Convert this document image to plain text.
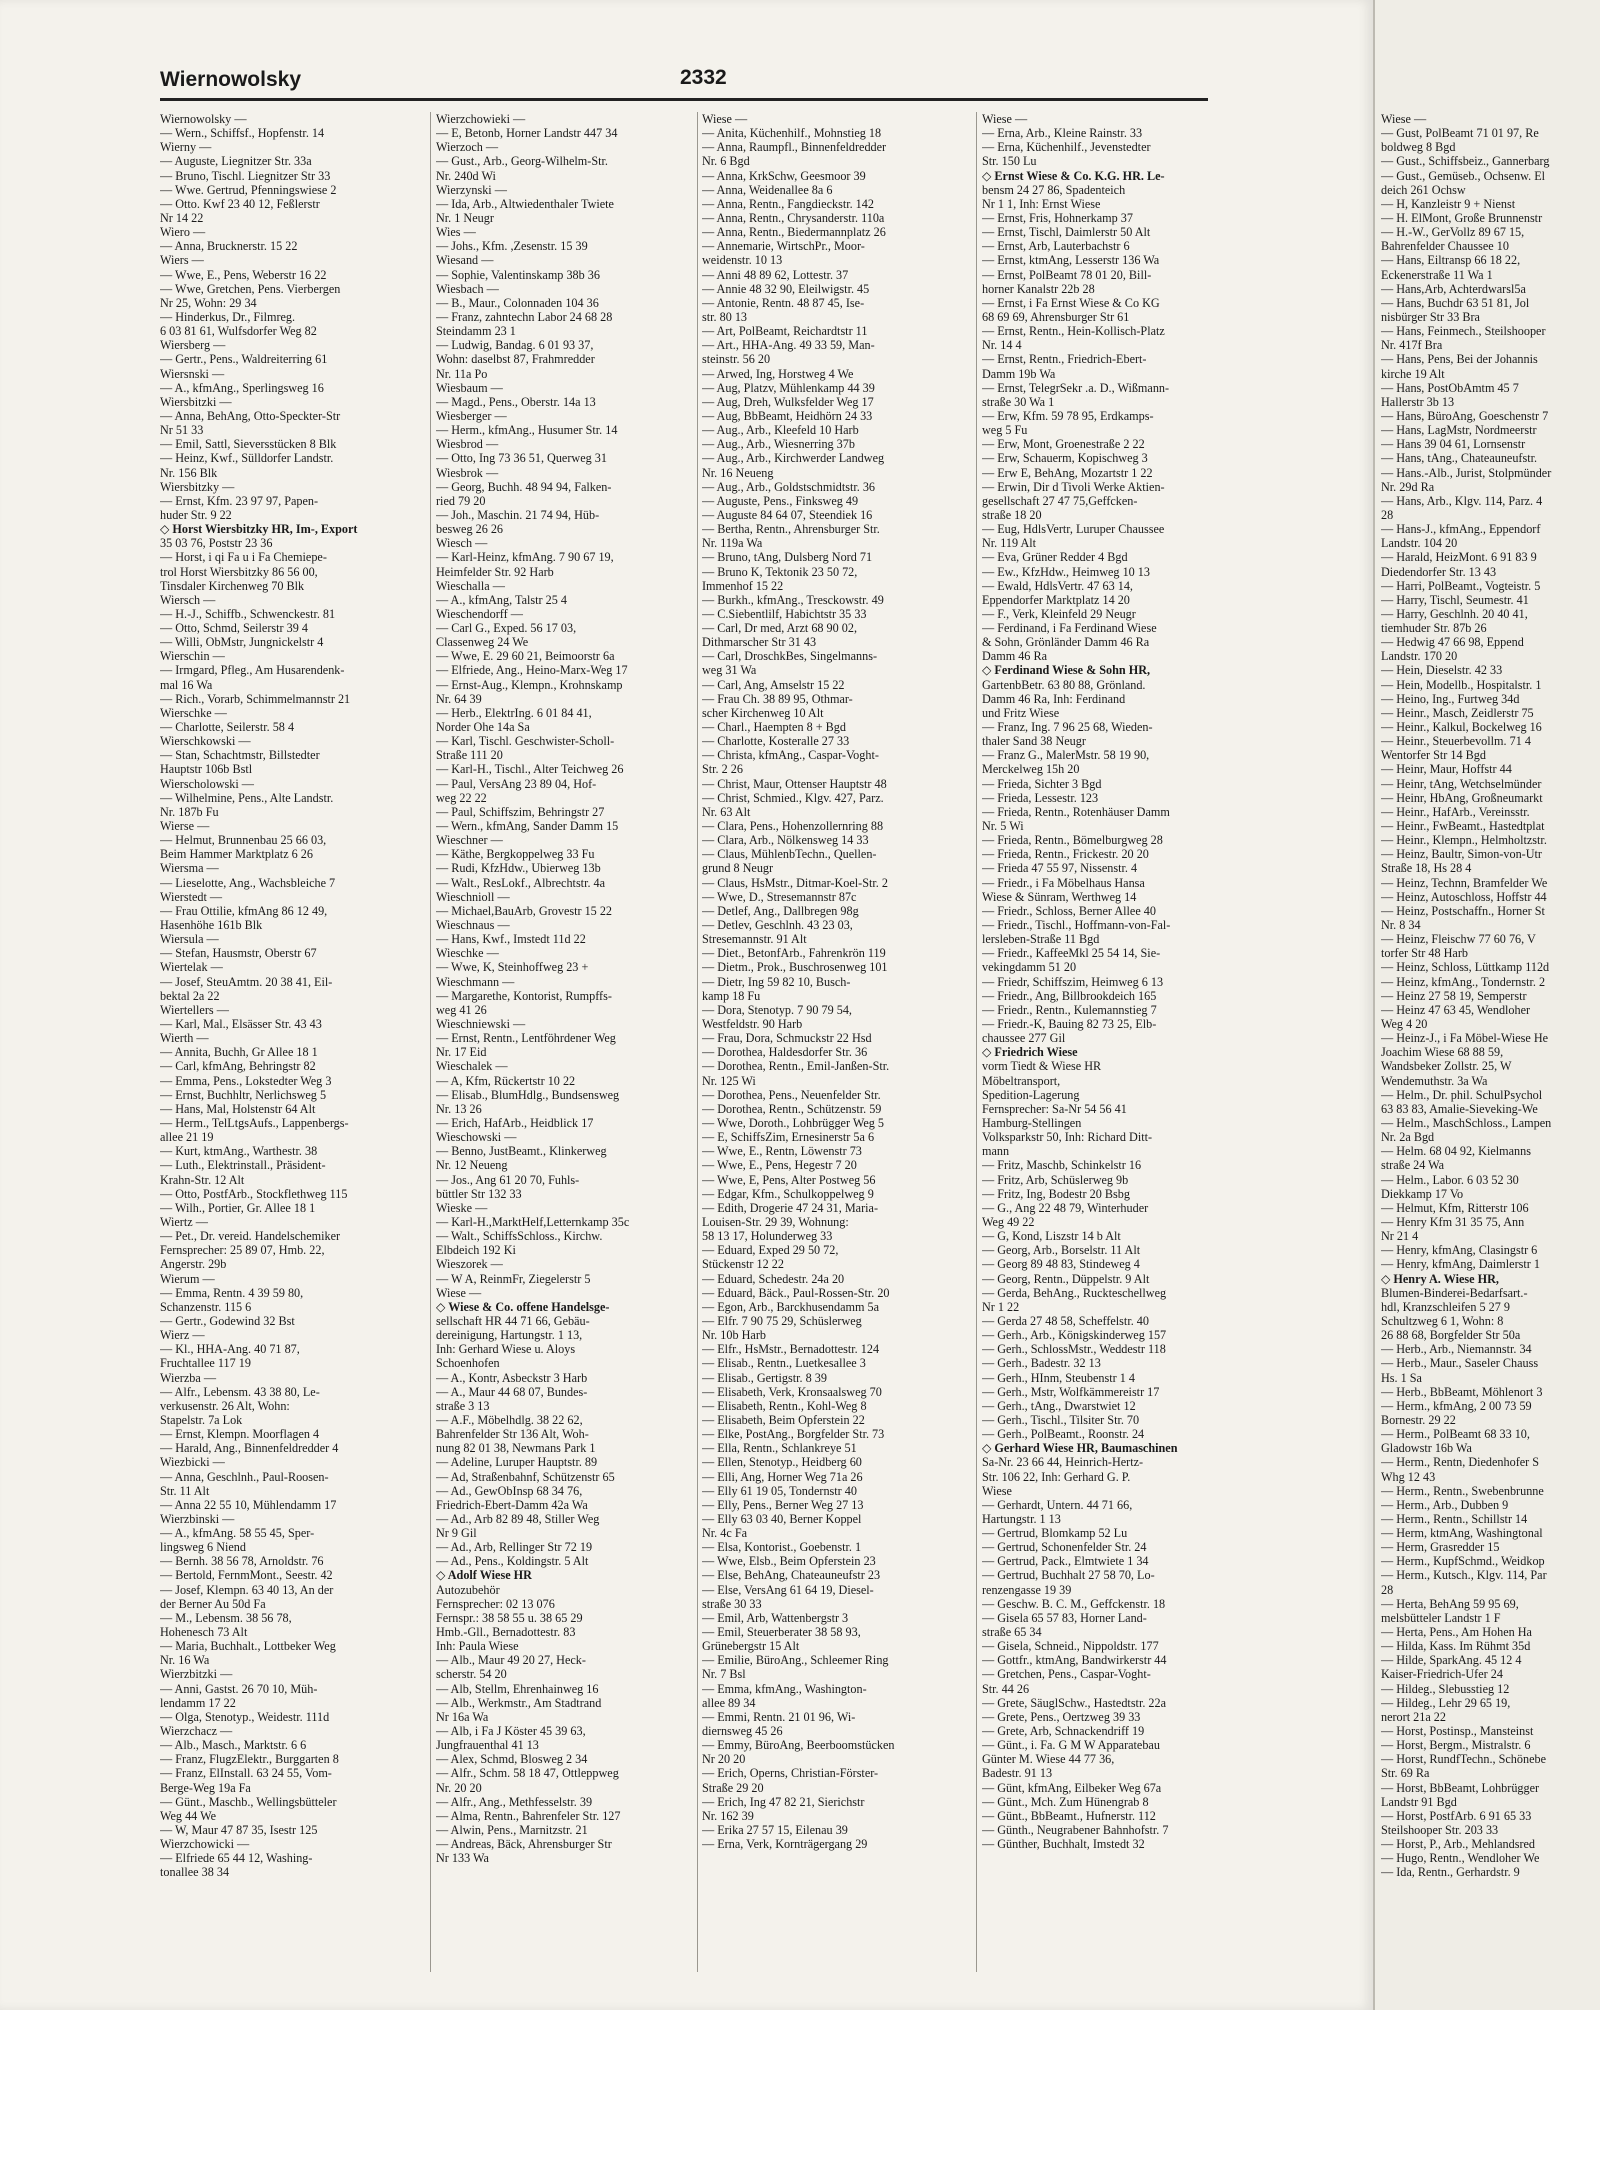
Wiernowolsky	2332
Wiernowolsky —
— Wern., Schiffsf., Hopfenstr. 14
Wierny —
— Auguste, Liegnitzer Str. 33a
— Bruno, Tischl. Liegnitzer Str 33
— Wwe. Gertrud, Pfenningswiese 2
— Otto. Kwf 23 40 12, Feßlerstr
Nr 14 22
Wiero —
— Anna, Brucknerstr. 15 22
Wiers —
— Wwe, E., Pens, Weberstr 16 22
— Wwe, Gretchen, Pens. Vierbergen
Nr 25, Wohn: 29 34
— Hinderkus, Dr., Filmreg.
6 03 81 61, Wulfsdorfer Weg 82
Wiersberg —
— Gertr., Pens., Waldreiterring 61
Wiersnski —
— A., kfmAng., Sperlingsweg 16
Wiersbitzki —
— Anna, BehAng, Otto-Speckter-Str
Nr 51 33
— Emil, Sattl, Sieversstücken 8 Blk
— Heinz, Kwf., Sülldorfer Landstr.
Nr. 156 Blk
Wiersbitzky —
— Ernst, Kfm. 23 97 97, Papen-
huder Str. 9 22
◇ Horst Wiersbitzky HR, Im-, Export
35 03 76, Poststr 23 36
— Horst, i qi Fa u i Fa Chemiepe-
trol Horst Wiersbitzky 86 56 00,
Tinsdaler Kirchenweg 70 Blk
Wiersch —
— H.-J., Schiffb., Schwenckestr. 81
— Otto, Schmd, Seilerstr 39 4
— Willi, ObMstr, Jungnickelstr 4
Wierschin —
— Irmgard, Pfleg., Am Husarendenk-
mal 16 Wa
— Rich., Vorarb, Schimmelmannstr 21
Wierschke —
— Charlotte, Seilerstr. 58 4
Wierschkowski —
— Stan, Schachtmstr, Billstedter
Hauptstr 106b Bstl
Wierscholowski —
— Wilhelmine, Pens., Alte Landstr.
Nr. 187b Fu
Wierse —
— Helmut, Brunnenbau 25 66 03,
Beim Hammer Marktplatz 6 26
Wiersma —
— Lieselotte, Ang., Wachsbleiche 7
Wierstedt —
— Frau Ottilie, kfmAng 86 12 49,
Hasenhöhe 161b Blk
Wiersula —
— Stefan, Hausmstr, Oberstr 67
Wiertelak —
— Josef, SteuAmtm. 20 38 41, Eil-
bektal 2a 22
Wiertellers —
— Karl, Mal., Elsässer Str. 43 43
Wierth —
— Annita, Buchh, Gr Allee 18 1
— Carl, kfmAng, Behringstr 82
— Emma, Pens., Lokstedter Weg 3
— Ernst, Buchhltr, Nerlichsweg 5
— Hans, Mal, Holstenstr 64 Alt
— Herm., TelLtgsAufs., Lappenbergs-
allee 21 19
— Kurt, ktmAng., Warthestr. 38
— Luth., Elektrinstall., Präsident-
Krahn-Str. 12 Alt
— Otto, PostfArb., Stockflethweg 115
— Wilh., Portier, Gr. Allee 18 1
Wiertz —
— Pet., Dr. vereid. Handelschemiker
Fernsprecher: 25 89 07, Hmb. 22,
Angerstr. 29b
Wierum —
— Emma, Rentn. 4 39 59 80,
Schanzenstr. 115 6
— Gertr., Godewind 32 Bst
Wierz —
— Kl., HHA-Ang. 40 71 87,
Fruchtallee 117 19
Wierzba —
— Alfr., Lebensm. 43 38 80, Le-
verkusenstr. 26 Alt, Wohn:
Stapelstr. 7a Lok
— Ernst, Klempn. Moorflagen 4
— Harald, Ang., Binnenfeldredder 4
Wiezbicki —
— Anna, Geschlnh., Paul-Roosen-
Str. 11 Alt
— Anna 22 55 10, Mühlendamm 17
Wierzbinski —
— A., kfmAng. 58 55 45, Sper-
lingsweg 6 Niend
— Bernh. 38 56 78, Arnoldstr. 76
— Bertold, FernmMont., Seestr. 42
— Josef, Klempn. 63 40 13, An der
der Berner Au 50d Fa
— M., Lebensm. 38 56 78,
Hohenesch 73 Alt
— Maria, Buchhalt., Lottbeker Weg
Nr. 16 Wa
Wierzbitzki —
— Anni, Gastst. 26 70 10, Müh-
lendamm 17 22
— Olga, Stenotyp., Weidestr. 111d
Wierzchacz —
— Alb., Masch., Marktstr. 6 6
— Franz, FlugzElektr., Burggarten 8
— Franz, ElInstall. 63 24 55, Vom-
Berge-Weg 19a Fa
— Günt., Maschb., Wellingsbütteler
Weg 44 We
— W, Maur 47 87 35, Isestr 125
Wierzchowicki —
— Elfriede 65 44 12, Washing-
tonallee 38 34
Wierzchowieki —
— E, Betonb, Horner Landstr 447 34
Wierzoch —
— Gust., Arb., Georg-Wilhelm-Str.
Nr. 240d Wi
Wierzynski —
— Ida, Arb., Altwiedenthaler Twiete
Nr. 1 Neugr
Wies —
— Johs., Kfm. ,Zesenstr. 15 39
Wiesand —
— Sophie, Valentinskamp 38b 36
Wiesbach —
— B., Maur., Colonnaden 104 36
— Franz, zahntechn Labor 24 68 28
Steindamm 23 1
— Ludwig, Bandag. 6 01 93 37,
Wohn: daselbst 87, Frahmredder
Nr. 11a Po
Wiesbaum —
— Magd., Pens., Oberstr. 14a 13
Wiesberger —
— Herm., kfmAng., Husumer Str. 14
Wiesbrod —
— Otto, Ing 73 36 51, Querweg 31
Wiesbrok —
— Georg, Buchh. 48 94 94, Falken-
ried 79 20
— Joh., Maschin. 21 74 94, Hüb-
besweg 26 26
Wiesch —
— Karl-Heinz, kfmAng. 7 90 67 19,
Heimfelder Str. 92 Harb
Wieschalla —
— A., kfmAng, Talstr 25 4
Wieschendorff —
— Carl G., Exped. 56 17 03,
Classenweg 24 We
— Wwe, E. 29 60 21, Beimoorstr 6a
— Elfriede, Ang., Heino-Marx-Weg 17
— Ernst-Aug., Klempn., Krohnskamp
Nr. 64 39
— Herb., ElektrIng. 6 01 84 41,
Norder Ohe 14a Sa
— Karl, Tischl. Geschwister-Scholl-
Straße 111 20
— Karl-H., Tischl., Alter Teichweg 26
— Paul, VersAng 23 89 04, Hof-
weg 22 22
— Paul, Schiffszim, Behringstr 27
— Wern., kfmAng, Sander Damm 15
Wieschner —
— Käthe, Bergkoppelweg 33 Fu
— Rudi, KfzHdw., Ubierweg 13b
— Walt., ResLokf., Albrechtstr. 4a
Wieschnioll —
— Michael,BauArb, Grovestr 15 22
Wieschnaus —
— Hans, Kwf., Imstedt 11d 22
Wieschke —
— Wwe, K, Steinhoffweg 23 +
Wieschmann —
— Margarethe, Kontorist, Rumpffs-
weg 41 26
Wieschniewski —
— Ernst, Rentn., Lentföhrdener Weg
Nr. 17 Eid
Wieschalek —
— A, Kfm, Rückertstr 10 22
— Elisab., BlumHdlg., Bundsensweg
Nr. 13 26
— Erich, HafArb., Heidblick 17
Wieschowski —
— Benno, JustBeamt., Klinkerweg
Nr. 12 Neueng
— Jos., Ang 61 20 70, Fuhls-
büttler Str 132 33
Wieske —
— Karl-H.,MarktHelf,Letternkamp 35c
— Walt., SchiffsSchloss., Kirchw.
Elbdeich 192 Ki
Wieszorek —
— W A, ReinmFr, Ziegelerstr 5
Wiese —
◇ Wiese & Co. offene Handelsge-
sellschaft HR 44 71 66, Gebäu-
dereinigung, Hartungstr. 1 13,
Inh: Gerhard Wiese u. Aloys
Schoenhofen
— A., Kontr, Asbeckstr 3 Harb
— A., Maur 44 68 07, Bundes-
straße 3 13
— A.F., Möbelhdlg. 38 22 62,
Bahrenfelder Str 136 Alt, Woh-
nung 82 01 38, Newmans Park 1
— Adeline, Luruper Hauptstr. 89
— Ad, Straßenbahnf, Schützenstr 65
— Ad., GewObInsp 68 34 76,
Friedrich-Ebert-Damm 42a Wa
— Ad., Arb 82 89 48, Stiller Weg
Nr 9 Gil
— Ad., Arb, Rellinger Str 72 19
— Ad., Pens., Koldingstr. 5 Alt
◇ Adolf Wiese HR
Autozubehör
Fernsprecher: 02 13 076
Fernspr.: 38 58 55 u. 38 65 29
Hmb.-Gll., Bernadottestr. 83
Inh: Paula Wiese
— Alb., Maur 49 20 27, Heck-
scherstr. 54 20
— Alb, Stellm, Ehrenhainweg 16
— Alb., Werkmstr., Am Stadtrand
Nr 16a Wa
— Alb, i Fa J Köster 45 39 63,
Jungfrauenthal 41 13
— Alex, Schmd, Blosweg 2 34
— Alfr., Schm. 58 18 47, Ottleppweg
Nr. 20 20
— Alfr., Ang., Methfesselstr. 39
— Alma, Rentn., Bahrenfeler Str. 127
— Alwin, Pens., Marnitzstr. 21
— Andreas, Bäck, Ahrensburger Str
Nr 133 Wa
Wiese —
— Anita, Küchenhilf., Mohnstieg 18
— Anna, Raumpfl., Binnenfeldredder
Nr. 6 Bgd
— Anna, KrkSchw, Geesmoor 39
— Anna, Weidenallee 8a 6
— Anna, Rentn., Fangdieckstr. 142
— Anna, Rentn., Chrysanderstr. 110a
— Anna, Rentn., Biedermannplatz 26
— Annemarie, WirtschPr., Moor-
weidenstr. 10 13
— Anni 48 89 62, Lottestr. 37
— Annie 48 32 90, Eleilwigstr. 45
— Antonie, Rentn. 48 87 45, Ise-
str. 80 13
— Art, PolBeamt, Reichardtstr 11
— Art., HHA-Ang. 49 33 59, Man-
steinstr. 56 20
— Arwed, Ing, Horstweg 4 We
— Aug, Platzv, Mühlenkamp 44 39
— Aug, Dreh, Wulksfelder Weg 17
— Aug, BbBeamt, Heidhörn 24 33
— Aug., Arb., Kleefeld 10 Harb
— Aug., Arb., Wiesnerring 37b
— Aug., Arb., Kirchwerder Landweg
Nr. 16 Neueng
— Aug., Arb., Goldstschmidtstr. 36
— Auguste, Pens., Finksweg 49
— Auguste 84 64 07, Steendiek 16
— Bertha, Rentn., Ahrensburger Str.
Nr. 119a Wa
— Bruno, tAng, Dulsberg Nord 71
— Bruno K, Tektonik 23 50 72,
Immenhof 15 22
— Burkh., kfmAng., Tresckowstr. 49
— C.Siebentlilf, Habichtstr 35 33
— Carl, Dr med, Arzt 68 90 02,
Dithmarscher Str 31 43
— Carl, DroschkBes, Singelmanns-
weg 31 Wa
— Carl, Ang, Amselstr 15 22
— Frau Ch. 38 89 95, Othmar-
scher Kirchenweg 10 Alt
— Charl., Haempten 8 + Bgd
— Charlotte, Kosteralle 27 33
— Christa, kfmAng., Caspar-Voght-
Str. 2 26
— Christ, Maur, Ottenser Hauptstr 48
— Christ, Schmied., Klgv. 427, Parz.
Nr. 63 Alt
— Clara, Pens., Hohenzollernring 88
— Clara, Arb., Nölkensweg 14 33
— Claus, MühlenbTechn., Quellen-
grund 8 Neugr
— Claus, HsMstr., Ditmar-Koel-Str. 2
— Wwe, D., Stresemannstr 87c
— Detlef, Ang., Dallbregen 98g
— Detlev, Geschlnh. 43 23 03,
Stresemannstr. 91 Alt
— Diet., BetonfArb., Fahrenkrön 119
— Dietm., Prok., Buschrosenweg 101
— Dietr, Ing 59 82 10, Busch-
kamp 18 Fu
— Dora, Stenotyp. 7 90 79 54,
Westfeldstr. 90 Harb
— Frau, Dora, Schmuckstr 22 Hsd
— Dorothea, Haldesdorfer Str. 36
— Dorothea, Rentn., Emil-Janßen-Str.
Nr. 125 Wi
— Dorothea, Pens., Neuenfelder Str.
— Dorothea, Rentn., Schützenstr. 59
— Wwe, Doroth., Lohbrügger Weg 5
— E, SchiffsZim, Ernesinerstr 5a 6
— Wwe, E., Rentn, Löwenstr 73
— Wwe, E., Pens, Hegestr 7 20
— Wwe, E, Pens, Alter Postweg 56
— Edgar, Kfm., Schulkoppelweg 9
— Edith, Drogerie 47 24 31, Maria-
Louisen-Str. 29 39, Wohnung:
58 13 17, Holunderweg 33
— Eduard, Exped 29 50 72,
Stückenstr 12 22
— Eduard, Schedestr. 24a 20
— Eduard, Bäck., Paul-Rossen-Str. 20
— Egon, Arb., Barckhusendamm 5a
— Elfr. 7 90 75 29, Schüslerweg
Nr. 10b Harb
— Elfr., HsMstr., Bernadottestr. 124
— Elisab., Rentn., Luetkesallee 3
— Elisab., Gertigstr. 8 39
— Elisabeth, Verk, Kronsaalsweg 70
— Elisabeth, Rentn., Kohl-Weg 8
— Elisabeth, Beim Opferstein 22
— Elke, PostAng., Borgfelder Str. 73
— Ella, Rentn., Schlankreye 51
— Ellen, Stenotyp., Heidberg 60
— Elli, Ang, Horner Weg 71a 26
— Elly 61 19 05, Tondernstr 40
— Elly, Pens., Berner Weg 27 13
— Elly 63 03 40, Berner Koppel
Nr. 4c Fa
— Elsa, Kontorist., Goebenstr. 1
— Wwe, Elsb., Beim Opferstein 23
— Else, BehAng, Chateauneufstr 23
— Else, VersAng 61 64 19, Diesel-
straße 30 33
— Emil, Arb, Wattenbergstr 3
— Emil, Steuerberater 38 58 93,
Grünebergstr 15 Alt
— Emilie, BüroAng., Schleemer Ring
Nr. 7 Bsl
— Emma, kfmAng., Washington-
allee 89 34
— Emmi, Rentn. 21 01 96, Wi-
diernsweg 45 26
— Emmy, BüroAng, Beerboomstücken
Nr 20 20
— Erich, Operns, Christian-Förster-
Straße 29 20
— Erich, Ing 47 82 21, Sierichstr
Nr. 162 39
— Erika 27 57 15, Eilenau 39
— Erna, Verk, Kornträgergang 29
Wiese —
— Erna, Arb., Kleine Rainstr. 33
— Erna, Küchenhilf., Jevenstedter
Str. 150 Lu
◇ Ernst Wiese & Co. K.G. HR. Le-
bensm 24 27 86, Spadenteich
Nr 1 1, Inh: Ernst Wiese
— Ernst, Fris, Hohnerkamp 37
— Ernst, Tischl, Daimlerstr 50 Alt
— Ernst, Arb, Lauterbachstr 6
— Ernst, ktmAng, Lesserstr 136 Wa
— Ernst, PolBeamt 78 01 20, Bill-
horner Kanalstr 22b 28
— Ernst, i Fa Ernst Wiese & Co KG
68 69 69, Ahrensburger Str 61
— Ernst, Rentn., Hein-Kollisch-Platz
Nr. 14 4
— Ernst, Rentn., Friedrich-Ebert-
Damm 19b Wa
— Ernst, TelegrSekr .a. D., Wißmann-
straße 30 Wa 1
— Erw, Kfm. 59 78 95, Erdkamps-
weg 5 Fu
— Erw, Mont, Groenestraße 2 22
— Erw, Schauerm, Kopischweg 3
— Erw E, BehAng, Mozartstr 1 22
— Erwin, Dir d Tivoli Werke Aktien-
gesellschaft 27 47 75,Geffcken-
straße 18 20
— Eug, HdlsVertr, Luruper Chaussee
Nr. 119 Alt
— Eva, Grüner Redder 4 Bgd
— Ew., KfzHdw., Heimweg 10 13
— Ewald, HdlsVertr. 47 63 14,
Eppendorfer Marktplatz 14 20
— F., Verk, Kleinfeld 29 Neugr
— Ferdinand, i Fa Ferdinand Wiese
& Sohn, Grönländer Damm 46 Ra
Damm 46 Ra
◇ Ferdinand Wiese & Sohn HR,
GartenbBetr. 63 80 88, Grönland.
Damm 46 Ra, Inh: Ferdinand
und Fritz Wiese
— Franz, Ing. 7 96 25 68, Wieden-
thaler Sand 38 Neugr
— Franz G., MalerMstr. 58 19 90,
Merckelweg 15h 20
— Frieda, Sichter 3 Bgd
— Frieda, Lessestr. 123
— Frieda, Rentn., Rotenhäuser Damm
Nr. 5 Wi
— Frieda, Rentn., Bömelburgweg 28
— Frieda, Rentn., Frickestr. 20 20
— Frieda 47 55 97, Nissenstr. 4
— Friedr., i Fa Möbelhaus Hansa
Wiese & Sünram, Werthweg 14
— Friedr., Schloss, Berner Allee 40
— Friedr., Tischl., Hoffmann-von-Fal-
lersleben-Straße 11 Bgd
— Friedr., KaffeeMkl 25 54 14, Sie-
vekingdamm 51 20
— Friedr, Schiffszim, Heimweg 6 13
— Friedr., Ang, Billbrookdeich 165
— Friedr., Rentn., Kulemannstieg 7
— Friedr.-K, Bauing 82 73 25, Elb-
chaussee 277 Gil
◇ Friedrich Wiese
vorm Tiedt & Wiese HR
Möbeltransport,
Spedition-Lagerung
Fernsprecher: Sa-Nr 54 56 41
Hamburg-Stellingen
Volksparkstr 50, Inh: Richard Ditt-
mann
— Fritz, Maschb, Schinkelstr 16
— Fritz, Arb, Schüslerweg 9b
— Fritz, Ing, Bodestr 20 Bsbg
— G., Ang 22 48 79, Winterhuder
Weg 49 22
— G, Kond, Liszstr 14 b Alt
— Georg, Arb., Borselstr. 11 Alt
— Georg 89 48 83, Stindeweg 4
— Georg, Rentn., Düppelstr. 9 Alt
— Gerda, BehAng., Ruckteschellweg
Nr 1 22
— Gerda 27 48 58, Scheffelstr. 40
— Gerh., Arb., Königskinderweg 157
— Gerh., SchlossMstr., Weddestr 118
— Gerh., Badestr. 32 13
— Gerh., HInm, Steubenstr 1 4
— Gerh., Mstr, Wolfkämmereistr 17
— Gerh., tAng., Dwarstwiet 12
— Gerh., Tischl., Tilsiter Str. 70
— Gerh., PolBeamt., Roonstr. 24
◇ Gerhard Wiese HR, Baumaschinen
Sa-Nr. 23 66 44, Heinrich-Hertz-
Str. 106 22, Inh: Gerhard G. P.
Wiese
— Gerhardt, Untern. 44 71 66,
Hartungstr. 1 13
— Gertrud, Blomkamp 52 Lu
— Gertrud, Schonenfelder Str. 24
— Gertrud, Pack., Elmtwiete 1 34
— Gertrud, Buchhalt 27 58 70, Lo-
renzengasse 19 39
— Geschw. B. C. M., Geffckenstr. 18
— Gisela 65 57 83, Horner Land-
straße 65 34
— Gisela, Schneid., Nippoldstr. 177
— Gottfr., ktmAng, Bandwirkerstr 44
— Gretchen, Pens., Caspar-Voght-
Str. 44 26
— Grete, SäuglSchw., Hastedtstr. 22a
— Grete, Pens., Oertzweg 39 33
— Grete, Arb, Schnackendriff 19
— Günt., i. Fa. G M W Apparatebau
Günter M. Wiese 44 77 36,
Badestr. 91 13
— Günt, kfmAng, Eilbeker Weg 67a
— Günt., Mch. Zum Hünengrab 8
— Günt., BbBeamt., Hufnerstr. 112
— Günth., Neugrabener Bahnhofstr. 7
— Günther, Buchhalt, Imstedt 32
Wiese —
— Gust, PolBeamt 71 01 97, Re
boldweg 8 Bgd
— Gust., Schiffsbeiz., Gannerbarg
— Gust., Gemüseb., Ochsenw. El
deich 261 Ochsw
— H, Kanzleistr 9 + Nienst
— H. ElMont, Große Brunnenstr
— H.-W., GerVollz 89 67 15,
Bahrenfelder Chaussee 10
— Hans, Eiltransp 66 18 22,
Eckenerstraße 11 Wa 1
— Hans,Arb, Achterdwarsl5a
— Hans, Buchdr 63 51 81, Jol
nisbürger Str 33 Bra
— Hans, Feinmech., Steilshooper
Nr. 417f Bra
— Hans, Pens, Bei der Johannis
kirche 19 Alt
— Hans, PostObAmtm 45 7
Hallerstr 3b 13
— Hans, BüroAng, Goeschenstr 7
— Hans, LagMstr, Nordmeerstr
— Hans 39 04 61, Lornsenstr
— Hans, tAng., Chateauneufstr.
— Hans.-Alb., Jurist, Stolpmünder
Nr. 29d Ra
— Hans, Arb., Klgv. 114, Parz. 4
28
— Hans-J., kfmAng., Eppendorf
Landstr. 104 20
— Harald, HeizMont. 6 91 83 9
Diedendorfer Str. 13 43
— Harri, PolBeamt., Vogteistr. 5
— Harry, Tischl, Seumestr. 41
— Harry, Geschlnh. 20 40 41,
tiemhuder Str. 87b 26
— Hedwig 47 66 98, Eppend
Landstr. 170 20
— Hein, Dieselstr. 42 33
— Hein, Modellb., Hospitalstr. 1
— Heino, Ing., Furtweg 34d
— Heinr., Masch, Zeidlerstr 75
— Heinr., Kalkul, Bockelweg 16
— Heinr., Steuerbevollm. 71 4
Wentorfer Str 14 Bgd
— Heinr, Maur, Hoffstr 44
— Heinr, tAng, Wetchselmünder
— Heinr, HbAng, Großneumarkt
— Heinr., HafArb., Vereinsstr.
— Heinr., FwBeamt., Hastedtplat
— Heinr., Klempn., Helmholtzstr.
— Heinz, Baultr, Simon-von-Utr
Straße 18, Hs 28 4
— Heinz, Technn, Bramfelder We
— Heinz, Autoschloss, Hoffstr 44
— Heinz, Postschaffn., Horner St
Nr. 8 34
— Heinz, Fleischw 77 60 76, V
torfer Str 48 Harb
— Heinz, Schloss, Lüttkamp 112d
— Heinz, kfmAng., Tondernstr. 2
— Heinz 27 58 19, Semperstr
— Heinz 47 63 45, Wendloher
Weg 4 20
— Heinz-J., i Fa Möbel-Wiese He
Joachim Wiese 68 88 59,
Wandsbeker Zollstr. 25, W
Wendemuthstr. 3a Wa
— Helm., Dr. phil. SchulPsychol
63 83 83, Amalie-Sieveking-We
— Helm., MaschSchloss., Lampen
Nr. 2a Bgd
— Helm. 68 04 92, Kielmanns
straße 24 Wa
— Helm., Labor. 6 03 52 30
Diekkamp 17 Vo
— Helmut, Kfm, Ritterstr 106
— Henry Kfm 31 35 75, Ann
Nr 21 4
— Henry, kfmAng, Clasingstr 6
— Henry, kfmAng, Daimlerstr 1
◇ Henry A. Wiese HR,
Blumen-Binderei-Bedarfsart.-
hdl, Kranzschleifen 5 27 9
Schultzweg 6 1, Wohn: 8
26 88 68, Borgfelder Str 50a
— Herb., Arb., Niemannstr. 34
— Herb., Maur., Saseler Chauss
Hs. 1 Sa
— Herb., BbBeamt, Möhlenort 3
— Herm., kfmAng, 2 00 73 59
Bornestr. 29 22
— Herm., PolBeamt 68 33 10,
Gladowstr 16b Wa
— Herm., Rentn, Diedenhofer S
Whg 12 43
— Herm., Rentn., Swebenbrunne
— Herm., Arb., Dubben 9
— Herm., Rentn., Schillstr 14
— Herm, ktmAng, Washingtonal
— Herm, Grasredder 15
— Herm., KupfSchmd., Weidkop
— Herm., Kutsch., Klgv. 114, Par
28
— Herta, BehAng 59 95 69,
melsbütteler Landstr 1 F
— Herta, Pens., Am Hohen Ha
— Hilda, Kass. Im Rühmt 35d
— Hilde, SparkAng. 45 12 4
Kaiser-Friedrich-Ufer 24
— Hildeg., Slebusstieg 12
— Hildeg., Lehr 29 65 19,
nerort 21a 22
— Horst, Postinsp., Mansteinst
— Horst, Bergm., Mistralstr. 6
— Horst, RundfTechn., Schönebe
Str. 69 Ra
— Horst, BbBeamt, Lohbrügger
Landstr 91 Bgd
— Horst, PostfArb. 6 91 65 33
Steilshooper Str. 203 33
— Horst, P., Arb., Mehlandsred
— Hugo, Rentn., Wendloher We
— Ida, Rentn., Gerhardstr. 9
